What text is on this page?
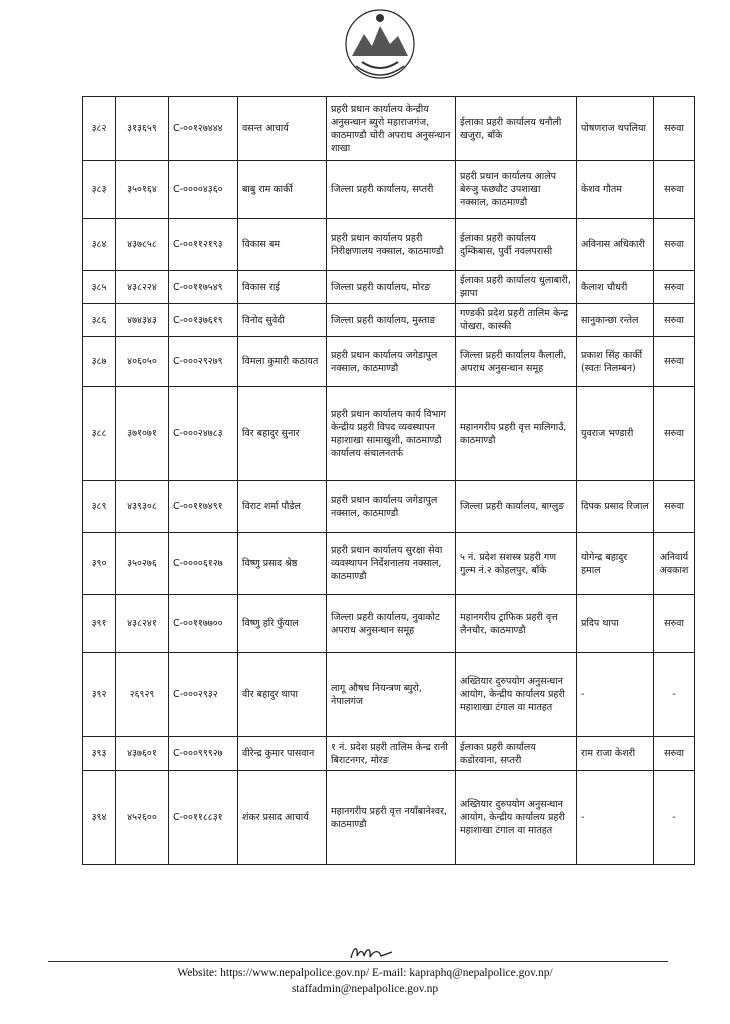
३८२	३१३६५९	C-००१२७४४४	वसन्त आचार्य	प्रहरी प्रधान कार्यालय केन्द्रीय अनुसन्धान ब्युरो महाराजगंज, काठमाण्डौ चोरी अपराध अनुसन्धान शाखा	ईलाका प्रहरी कार्यालय धनौली खजुरा, बाँके	पोषणराज थपलिया	सरुवा
३८३	३५०१६४	C-००००४३६०	बाबु राम कार्की	जिल्ला प्रहरी कार्यालय, सप्तरी	प्रहरी प्रधान कार्यालय आलेप बेरुजु फछ्यौट उपशाखा नक्साल, काठमाण्डौ	केशव गौतम	सरुवा
३८४	४३७८५८	C-००११२१९३	विकास बम	प्रहरी प्रधान कार्यालय प्रहरी निरीक्षणालय नक्साल, काठमाण्डौ	ईलाका प्रहरी कार्यालय दुम्किबास, पुर्वी नवलपरासी	अविनास अधिकारी	सरुवा
३८५	४३८२२४	C-००११७५४९	विकास राई	जिल्ला प्रहरी कार्यालय, मोरङ	ईलाका प्रहरी कार्यालय धुलाबारी, झापा	कैलाश चौधरी	सरुवा
३८६	४७४३४३	C-००१३७६१९	विनोद सुवेदी	जिल्ला प्रहरी कार्यालय, मुस्ताङ	गण्डकी प्रदेश प्रहरी तालिम केन्द्र पोखरा, कास्की	सानुकान्छा रन्तेल	सरुवा
३८७	४०६०५०	C-०००२९२७९	विमला कुमारी कठायत	प्रहरी प्रधान कार्यालय जगेडापुल नक्साल, काठमाण्डौ	जिल्ला प्रहरी कार्यालय कैलाली, अपराध अनुसन्धान समूह	प्रकाश सिंह कार्की (स्वतः निलम्बन)	सरुवा
३८८	३७१०७१	C-०००२४७८३	विर बहादुर सुनार	प्रहरी प्रधान कार्यालय कार्य विभाग केन्द्रीय प्रहरी विपद व्यवस्थापन महाशाखा सामाखुशी, काठमाण्डौ कार्यालय संचालनतर्फ	महानगरीय प्रहरी वृत्त मालिगाउँ, काठमाण्डौ	युवराज भण्डारी	सरुवा
३८९	४३९३०८	C-००११७४९१	विराट शर्मा पौडेल	प्रहरी प्रधान कार्यालय जगेडापुल नक्साल, काठमाण्डौ	जिल्ला प्रहरी कार्यालय, बाग्लुङ	दिपक प्रसाद रिजाल	सरुवा
३९०	३५०२७६	C-००००६१२७	विष्णु प्रसाद श्रेष्ठ	प्रहरी प्रधान कार्यालय सुरक्षा सेवा व्यवस्थापन निर्देशनालय नक्साल, काठमाण्डौ	५ नं. प्रदेश सशस्त्र प्रहरी गण गुल्म नं.२ कोहलपुर, बाँके	योगेन्द्र बहादुर हमाल	अनिवार्य अवकाश
३९१	४३८२४१	C-००११७७००	विष्णु हरि फुँयाल	जिल्ला प्रहरी कार्यालय, नुवाकोट अपराध अनुसन्धान समूह	महानगरीय ट्राफिक प्रहरी वृत्त लैनचौर, काठमाण्डौ	प्रदिप थापा	सरुवा
३९२	२६९२९	C-०००२९३२	वीर बहादुर थापा	लागू औषध नियन्त्रण ब्युरो, नेपालगंज	अख्तियार दुरुपयोग अनुसन्धान आयोग, केन्द्रीय कार्यालय प्रहरी महाशाखा टंगाल वा मातहत	-	-
३९३	४३७६०१	C-०००९९९२७	वीरेन्द्र कुमार पासवान	१ नं. प्रदेश प्रहरी तालिम केन्द्र रानी बिराटनगर, मोरङ	ईलाका प्रहरी कार्यालय कडोरवाना, सप्तरी	राम राजा केशरी	सरुवा
३९४	४५२६००	C-००११८८३१	शंकर प्रसाद आचार्य	महानगरीय प्रहरी वृत्त नयाँबानेश्वर, काठमाण्डौ	अख्तियार दुरुपयोग अनुसन्धान आयोग, केन्द्रीय कार्यालय प्रहरी महाशाखा टंगाल वा मातहत	-	-
Website: https://www.nepalpolice.gov.np/ E-mail: kapraphq@nepalpolice.gov.np/
staffadmin@nepalpolice.gov.np
